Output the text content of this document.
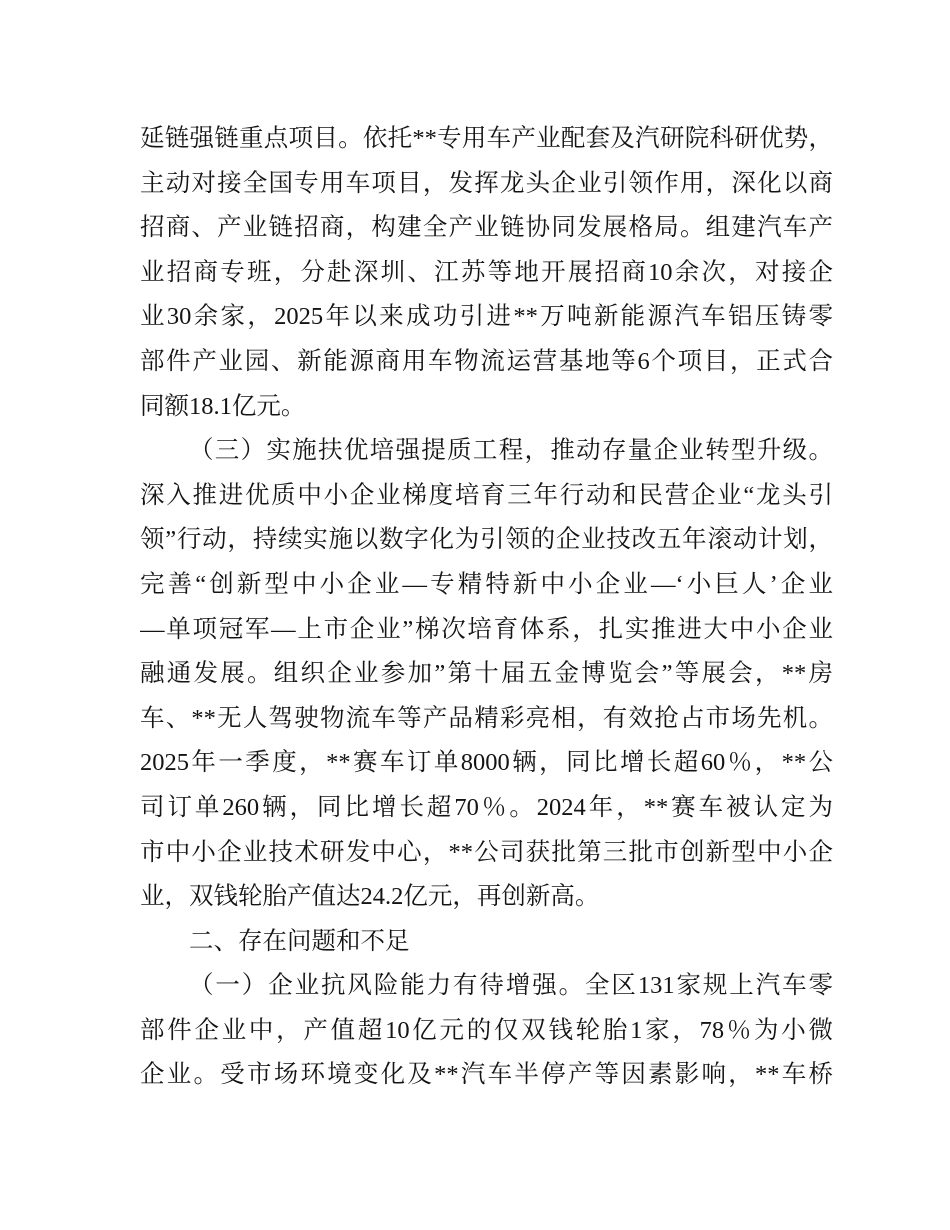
延链强链重点项目。依托**专用车产业配套及汽研院科研优势，
主动对接全国专用车项目，发挥龙头企业引领作用，深化以商
招商、产业链招商，构建全产业链协同发展格局。组建汽车产
业招商专班，分赴深圳、江苏等地开展招商10余次，对接企
业30余家，2025年以来成功引进**万吨新能源汽车铝压铸零
部件产业园、新能源商用车物流运营基地等6个项目，正式合
同额18.1亿元。
（三）实施扶优培强提质工程，推动存量企业转型升级。
深入推进优质中小企业梯度培育三年行动和民营企业“龙头引
领”行动，持续实施以数字化为引领的企业技改五年滚动计划，
完善“创新型中小企业—专精特新中小企业—‘小巨人’企业
—单项冠军—上市企业”梯次培育体系，扎实推进大中小企业
融通发展。组织企业参加”第十届五金博览会”等展会，**房
车、**无人驾驶物流车等产品精彩亮相，有效抢占市场先机。
2025年一季度，**赛车订单8000辆，同比增长超60％，**公
司订单260辆，同比增长超70％。2024年，**赛车被认定为
市中小企业技术研发中心，**公司获批第三批市创新型中小企
业，双钱轮胎产值达24.2亿元，再创新高。
二、存在问题和不足
（一）企业抗风险能力有待增强。全区131家规上汽车零
部件企业中，产值超10亿元的仅双钱轮胎1家，78％为小微
企业。受市场环境变化及**汽车半停产等因素影响，**车桥
